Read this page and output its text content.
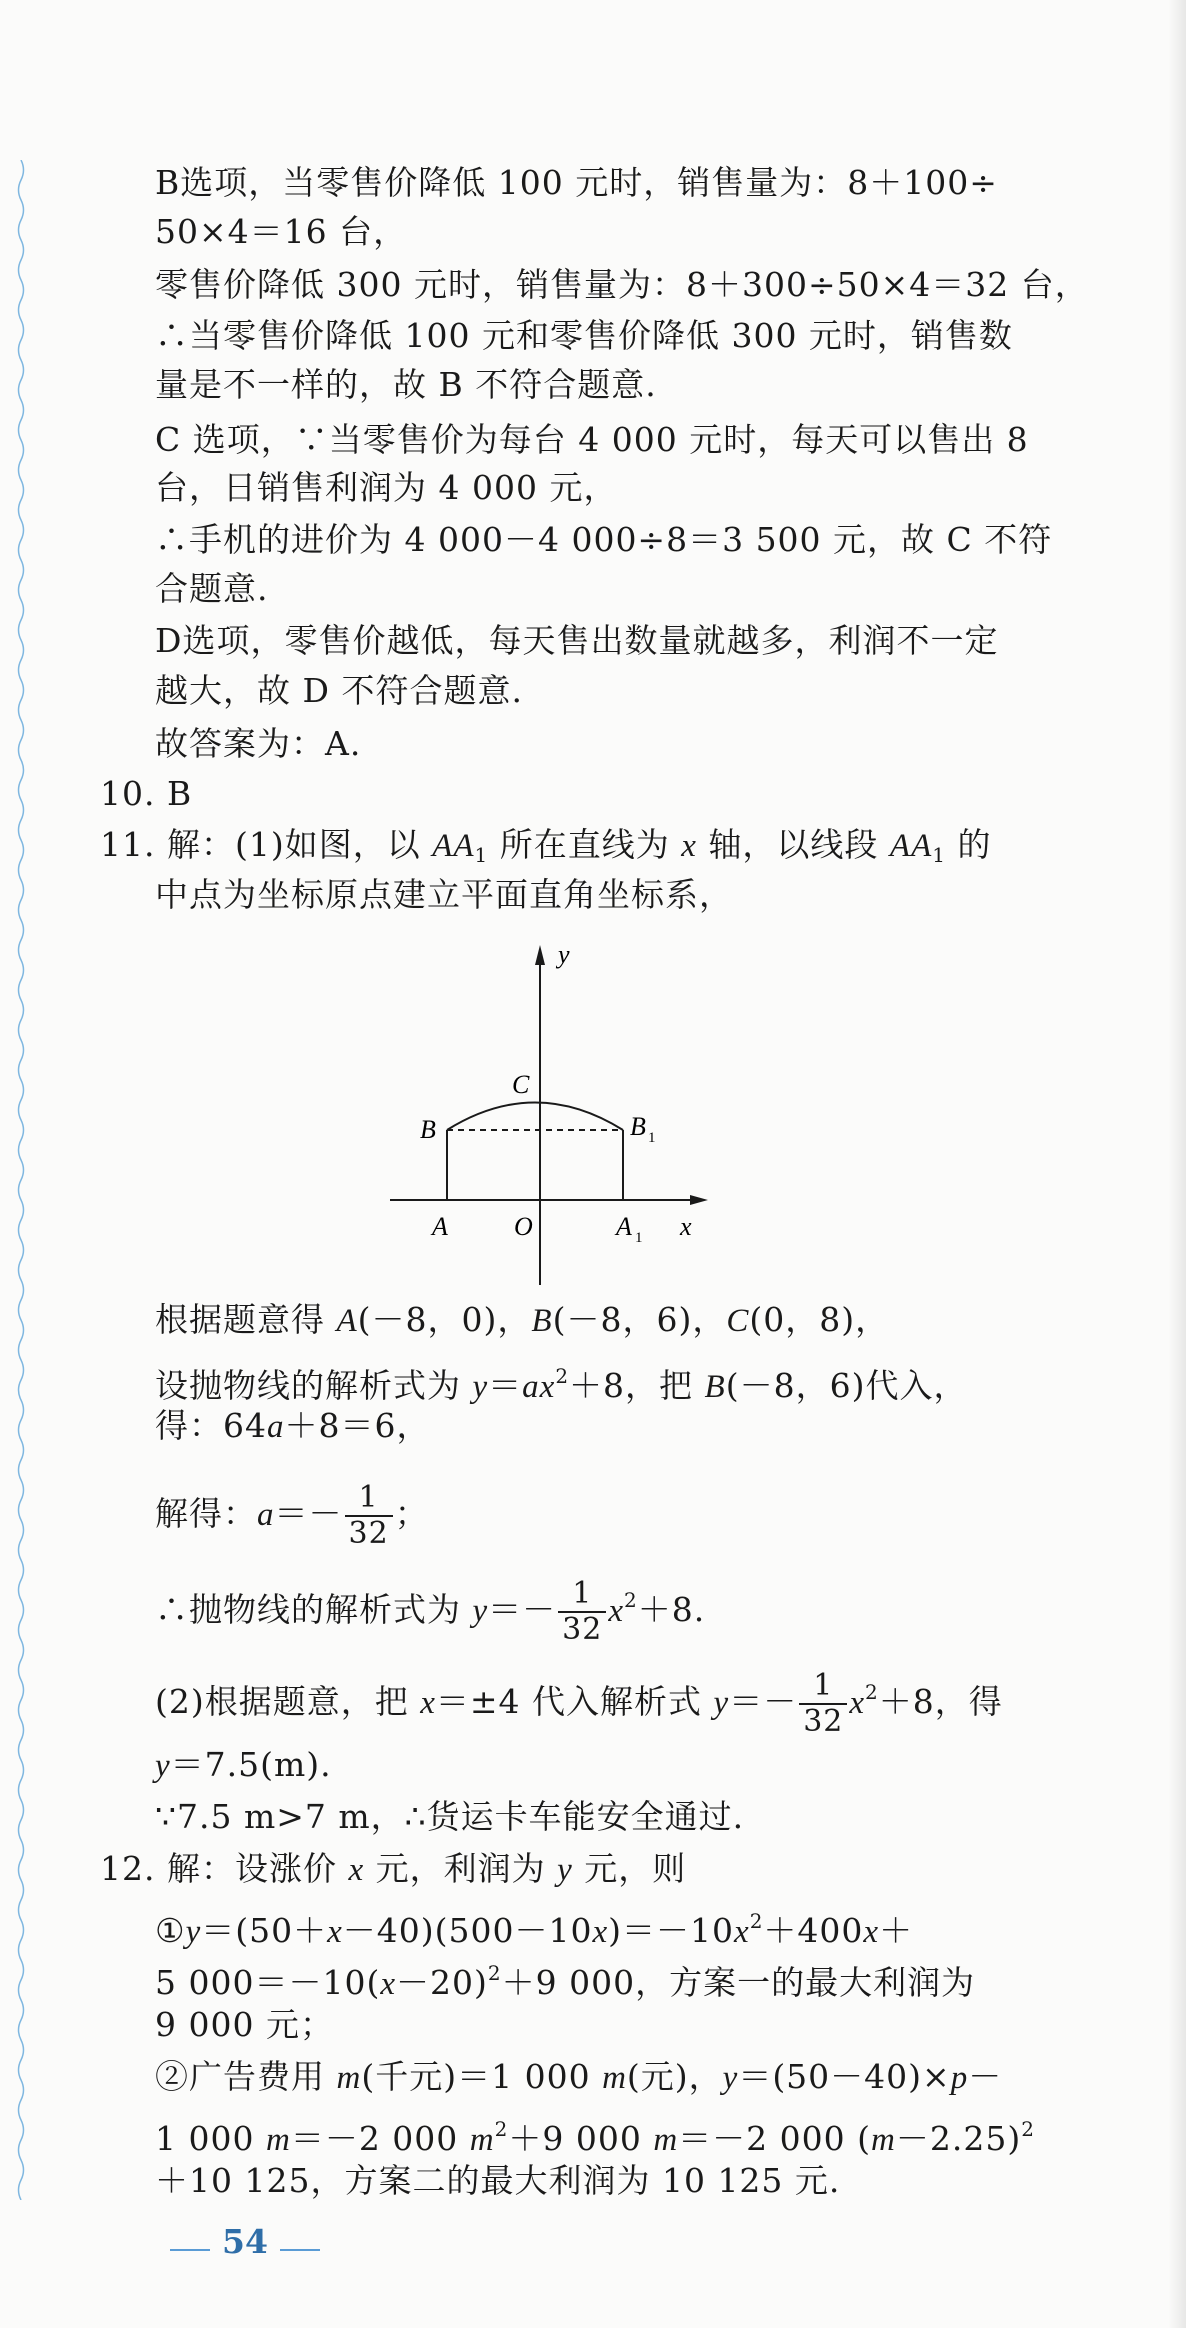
B选项，当零售价降低 100 元时，销售量为：8＋100÷
50×4＝16 台，
零售价降低 300 元时，销售量为：8＋300÷50×4＝32 台，
∴当零售价降低 100 元和零售价降低 300 元时，销售数
量是不一样的，故 B 不符合题意.
C 选项，∵当零售价为每台 4 000 元时，每天可以售出 8
台，日销售利润为 4 000 元，
∴手机的进价为 4 000－4 000÷8＝3 500 元，故 C 不符
合题意.
D选项，零售价越低，每天售出数量就越多，利润不一定
越大，故 D 不符合题意.
故答案为：A.
10. B
11. 解：(1)如图，以 $AA_1$ 所在直线为 x 轴，以线段 $AA_1$ 的
中点为坐标原点建立平面直角坐标系，
y
x
C
B	B 1
A	O	A 1
根据题意得 A(－8，0)，B(－8，6)，C(0，8)，
设抛物线的解析式为 $y=ax^2+8$，把 B(－8，6)代入，
得：64a＋8＝6，
解得：$a=- \frac{1}{32}$ ；
∴抛物线的解析式为 $y=- \frac{1}{32} x^2+8$.
(2)根据题意，把 x＝±4 代入解析式 $y=- \frac{1}{32} x^2+8$，得
y＝7.5(m).
∵7.5 m>7 m，∴货运卡车能安全通过.
12. 解：设涨价 x 元，利润为 y 元，则
$①y=(50+x-40)(500-10x)=-10x^2+400x+$
5 $000=-10(x-20)^2+9$ 000，方案一的最大利润为
9 000 元；
②广告费用 m(千元)＝1 000 m(元)，y＝(50－40)×p－
1 000 m＝－2 000 $m^2+9$ 000 m＝－2 000 $(m-2.25)^2$
＋10 125，方案二的最大利润为 10 125 元.
54
